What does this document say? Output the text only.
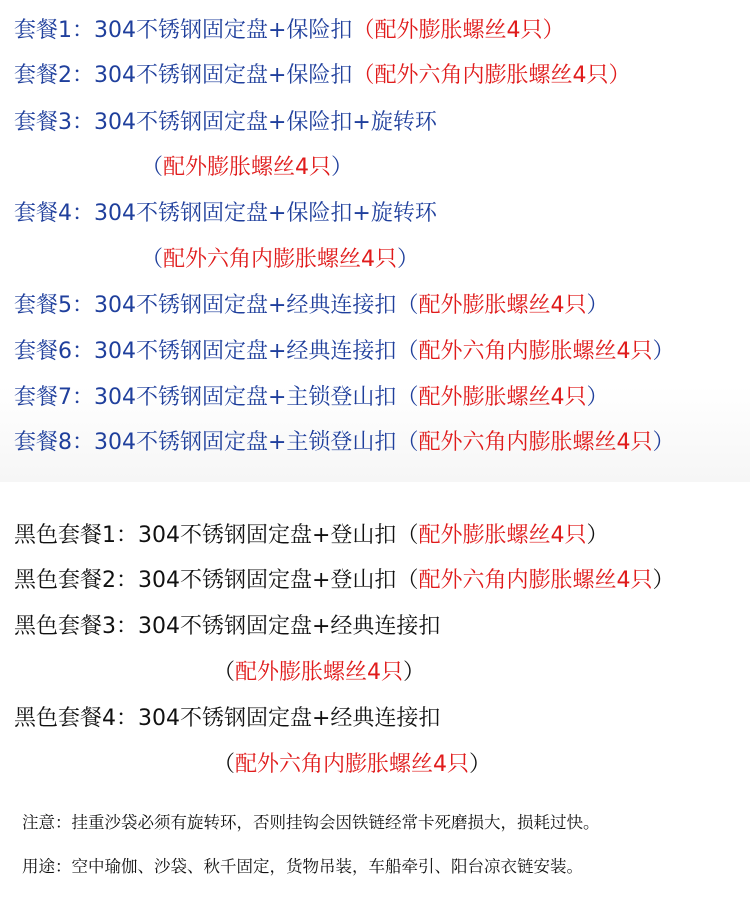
套餐1：304不锈钢固定盘+保险扣（配外膨胀螺丝4只）
套餐2：304不锈钢固定盘+保险扣（配外六角内膨胀螺丝4只）
套餐3：304不锈钢固定盘+保险扣+旋转环
（配外膨胀螺丝4只）
套餐4：304不锈钢固定盘+保险扣+旋转环
（配外六角内膨胀螺丝4只）
套餐5：304不锈钢固定盘+经典连接扣（配外膨胀螺丝4只）
套餐6：304不锈钢固定盘+经典连接扣（配外六角内膨胀螺丝4只）
套餐7：304不锈钢固定盘+主锁登山扣（配外膨胀螺丝4只）
套餐8：304不锈钢固定盘+主锁登山扣（配外六角内膨胀螺丝4只）
黑色套餐1：304不锈钢固定盘+登山扣（配外膨胀螺丝4只）
黑色套餐2：304不锈钢固定盘+登山扣（配外六角内膨胀螺丝4只）
黑色套餐3：304不锈钢固定盘+经典连接扣
（配外膨胀螺丝4只）
黑色套餐4：304不锈钢固定盘+经典连接扣
（配外六角内膨胀螺丝4只）
注意：挂重沙袋必须有旋转环，否则挂钩会因铁链经常卡死磨损大，损耗过快。
用途：空中瑜伽、沙袋、秋千固定，货物吊装，车船牵引、阳台凉衣链安装。
